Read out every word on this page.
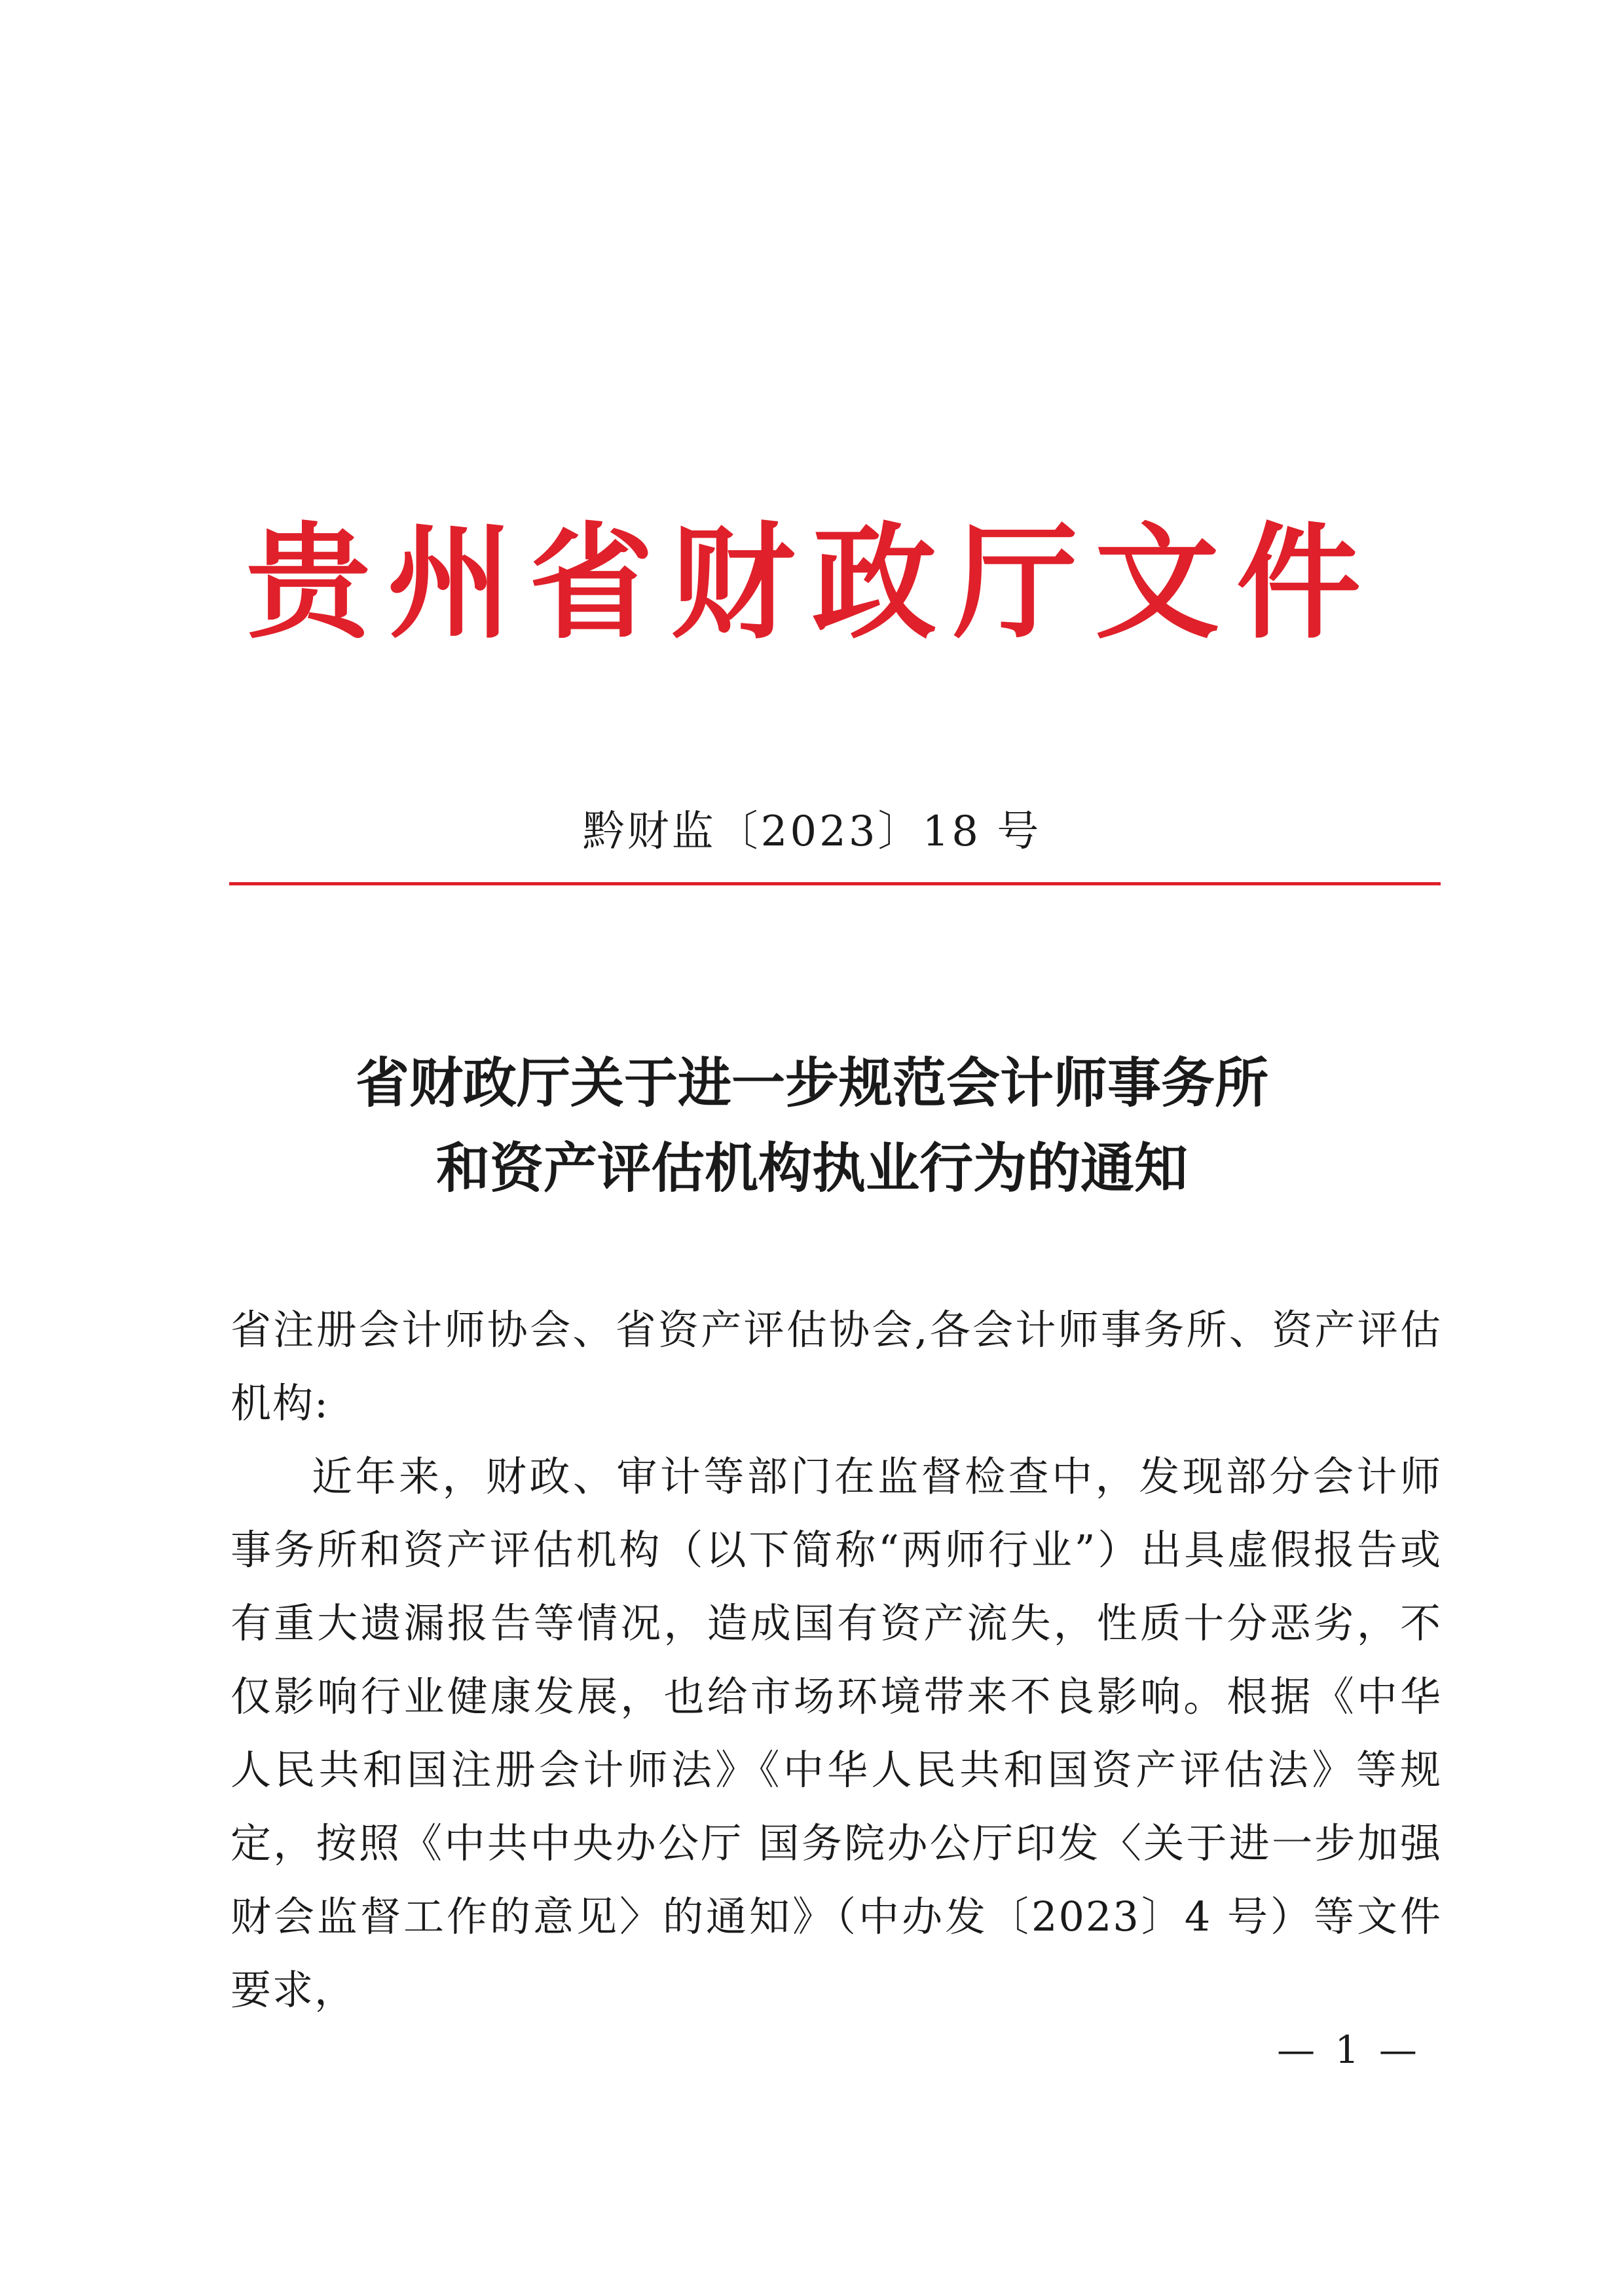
贵州省财政厅文件
黔财监〔2023〕18 号
省财政厅关于进一步规范会计师事务所
和资产评估机构执业行为的通知

省注册会计师协会、省资产评估协会,各会计师事务所、资产评估机构:

近年来，财政、审计等部门在监督检查中，发现部分会计师事务所和资产评估机构（以下简称“两师行业”）出具虚假报告或有重大遗漏报告等情况，造成国有资产流失，性质十分恶劣，不仅影响行业健康发展，也给市场环境带来不良影响。根据《中华人民共和国注册会计师法》《中华人民共和国资产评估法》等规定，按照《中共中央办公厅 国务院办公厅印发〈关于进一步加强财会监督工作的意见〉的通知》（中办发〔2023〕4 号）等文件要求，

— 1 —
